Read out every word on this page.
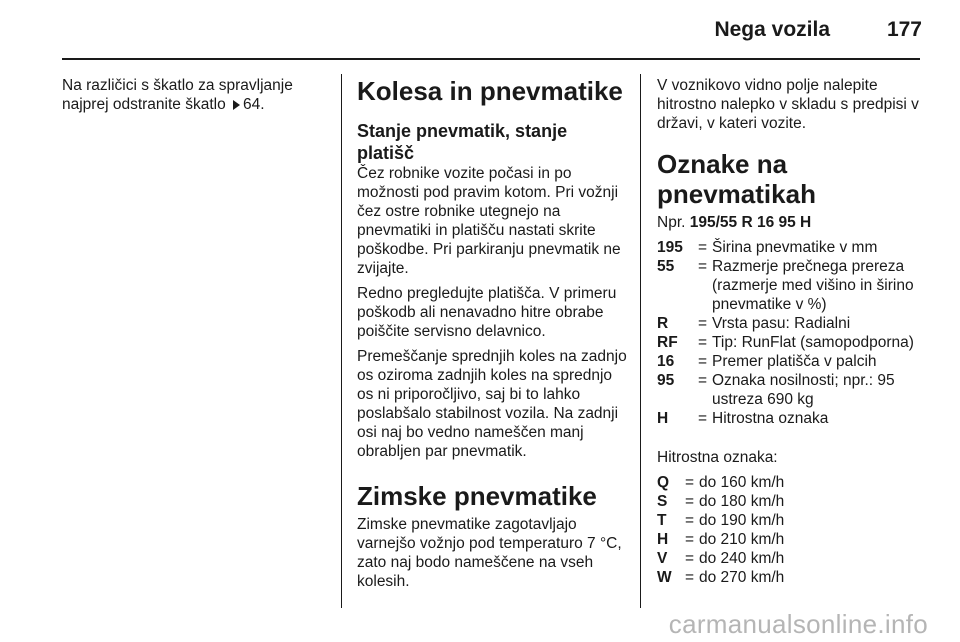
Nega vozila	177

Na različici s škatlo za spravljanje najprej odstranite škatlo 64.	Kolesa in pnevmatike
Stanje pnevmatik, stanje platišč

Čez robnike vozite počasi in po možnosti pod pravim kotom. Pri vožnji čez ostre robnike utegnejo na pnevmatiki in platišču nastati skrite poškodbe. Pri parkiranju pnevmatik ne zvijajte.

Redno pregledujte platišča. V primeru poškodb ali nenavadno hitre obrabe poiščite servisno delavnico.

Premeščanje sprednjih koles na zadnjo os oziroma zadnjih koles na sprednjo os ni priporočljivo, saj bi to lahko poslabšalo stabilnost vozila. Na zadnji osi naj bo vedno nameščen manj obrabljen par pnevmatik.

Zimske pnevmatike

Zimske pnevmatike zagotavljajo varnejšo vožnjo pod temperaturo 7 °C, zato naj bodo nameščene na vseh kolesih.

V voznikovo vidno polje nalepite hitrostno nalepko v skladu s predpisi v državi, v kateri vozite.

Oznake na pnevmatikah

Npr. 195/55 R 16 95 H

195 = Širina pnevmatike v mm
55	= Razmerje prečnega prereza (razmerje med višino in širino pnevmatike v %)
R	= Vrsta pasu: Radialni
RF	= Tip: RunFlat (samopodporna)
16	= Premer platišča v palcih
95	= Oznaka nosilnosti; npr.: 95 ustreza 690 kg
H	= Hitrostna oznaka

Hitrostna oznaka:

Q	= do 160 km/h
S	= do 180 km/h
T	= do 190 km/h
H	= do 210 km/h
V	= do 240 km/h
W = do 270 km/h
carmanualsonline.info
